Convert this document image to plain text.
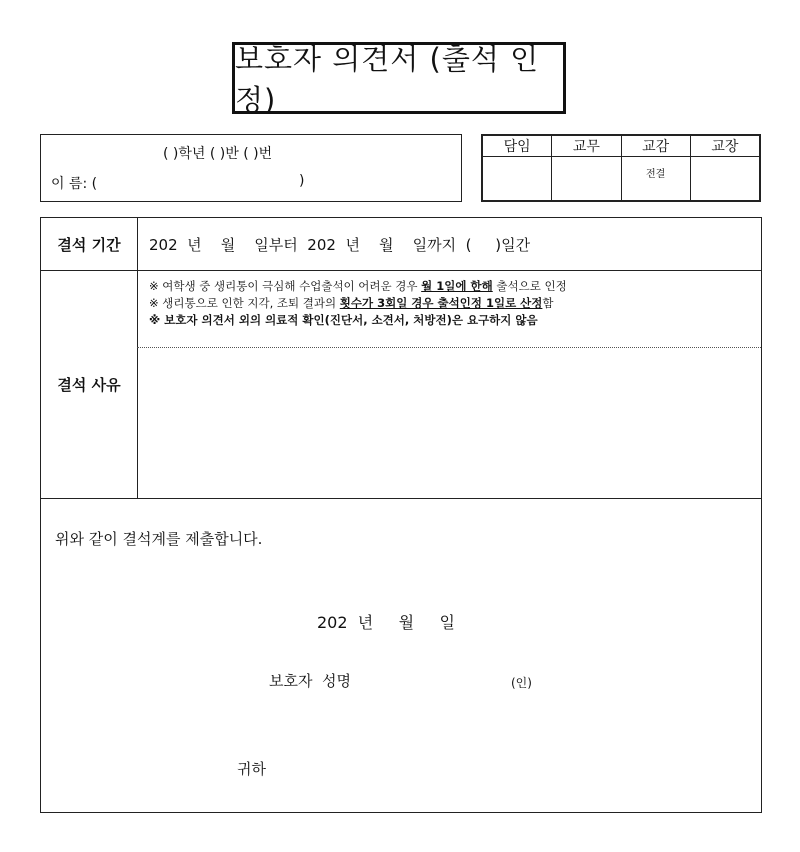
보호자 의견서 (출석 인정)
( )학년 ( )반 ( )번
이 름: (	)
담임	교무	교감	교장
		전결	
결석 기간	202  년    월    일부터  202  년    월    일까지  (     )일간
결석 사유
※ 여학생 중 생리통이 극심해 수업출석이 어려운 경우 월 1일에 한해 출석으로 인정
※ 생리통으로 인한 지각, 조퇴 결과의 횟수가 3회일 경우 출석인정 1일로 산정함
※ 보호자 의견서 외의 의료적 확인(진단서, 소견서, 처방전)은 요구하지 않음
위와 같이 결석계를 제출합니다.
202  년     월     일
보호자  성명	(인)
귀하
